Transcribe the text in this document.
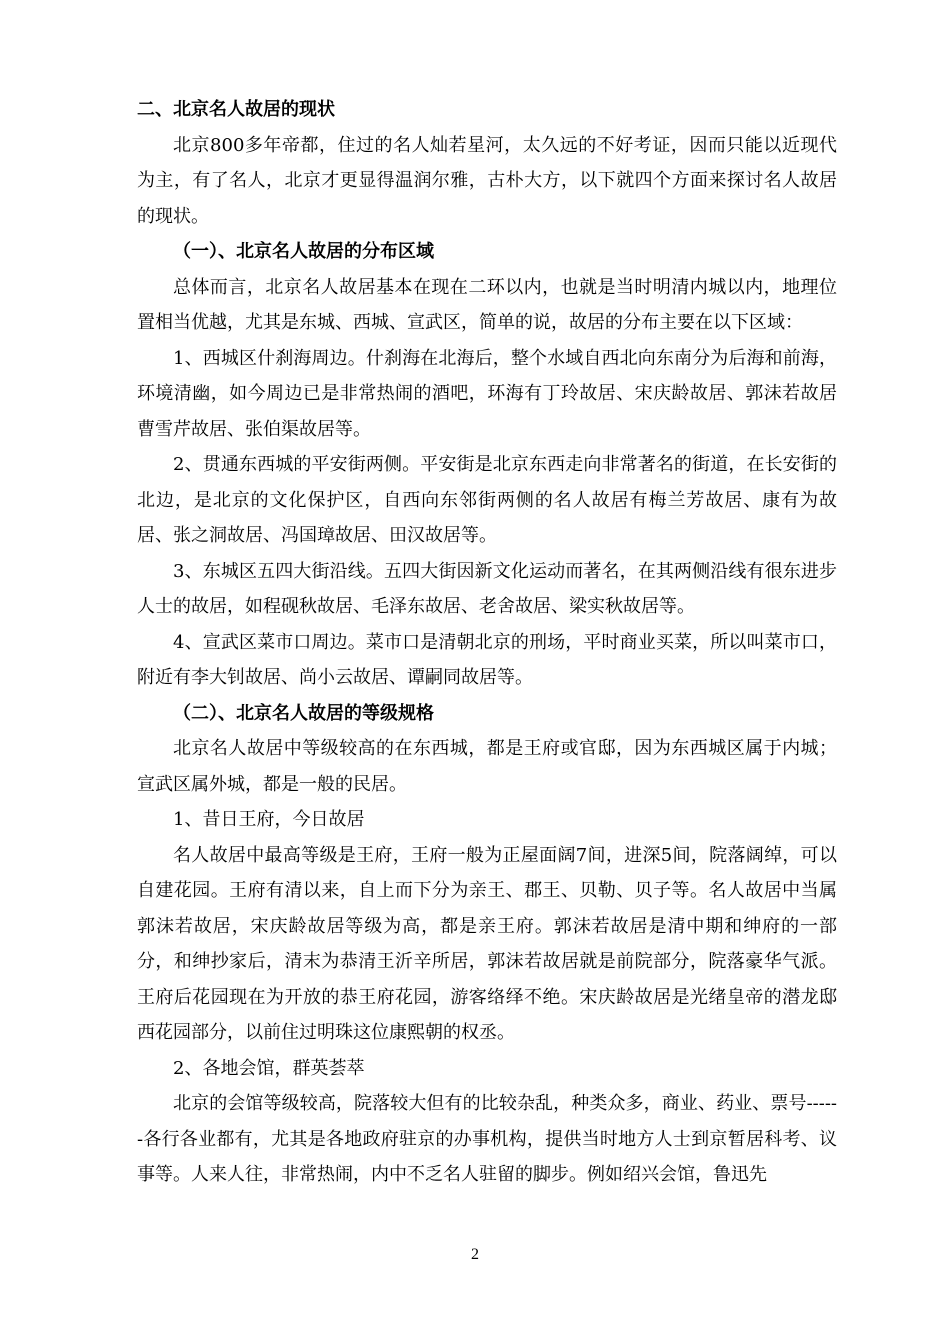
二、北京名人故居的现状

北京800多年帝都，住过的名人灿若星河，太久远的不好考证，因而只能以近现代为主，有了名人，北京才更显得温润尔雅，古朴大方，以下就四个方面来探讨名人故居的现状。

（一）、北京名人故居的分布区域

总体而言，北京名人故居基本在现在二环以内，也就是当时明清内城以内，地理位置相当优越，尤其是东城、西城、宣武区，简单的说，故居的分布主要在以下区域：

1、西城区什刹海周边。什刹海在北海后，整个水域自西北向东南分为后海和前海，环境清幽，如今周边已是非常热闹的酒吧，环海有丁玲故居、宋庆龄故居、郭沫若故居曹雪芹故居、张伯渠故居等。

2、贯通东西城的平安街两侧。平安街是北京东西走向非常著名的街道，在长安街的北边，是北京的文化保护区，自西向东邻街两侧的名人故居有梅兰芳故居、康有为故居、张之洞故居、冯国璋故居、田汉故居等。

3、东城区五四大街沿线。五四大街因新文化运动而著名，在其两侧沿线有很东进步人士的故居，如程砚秋故居、毛泽东故居、老舍故居、梁实秋故居等。

4、宣武区菜市口周边。菜市口是清朝北京的刑场，平时商业买菜，所以叫菜市口，附近有李大钊故居、尚小云故居、谭嗣同故居等。

（二）、北京名人故居的等级规格

北京名人故居中等级较高的在东西城，都是王府或官邸，因为东西城区属于内城；宣武区属外城，都是一般的民居。

1、昔日王府，今日故居

名人故居中最高等级是王府，王府一般为正屋面阔7间，进深5间，院落阔绰，可以自建花园。王府有清以来，自上而下分为亲王、郡王、贝勒、贝子等。名人故居中当属郭沫若故居，宋庆龄故居等级为高，都是亲王府。郭沫若故居是清中期和绅府的一部分，和绅抄家后，清末为恭清王沂辛所居，郭沫若故居就是前院部分，院落豪华气派。王府后花园现在为开放的恭王府花园，游客络绎不绝。宋庆龄故居是光绪皇帝的潜龙邸西花园部分，以前住过明珠这位康熙朝的权丞。

2、各地会馆，群英荟萃

北京的会馆等级较高，院落较大但有的比较杂乱，种类众多，商业、药业、票号------各行各业都有，尤其是各地政府驻京的办事机构，提供当时地方人士到京暂居科考、议事等。人来人往，非常热闹，内中不乏名人驻留的脚步。例如绍兴会馆，鲁迅先

2
